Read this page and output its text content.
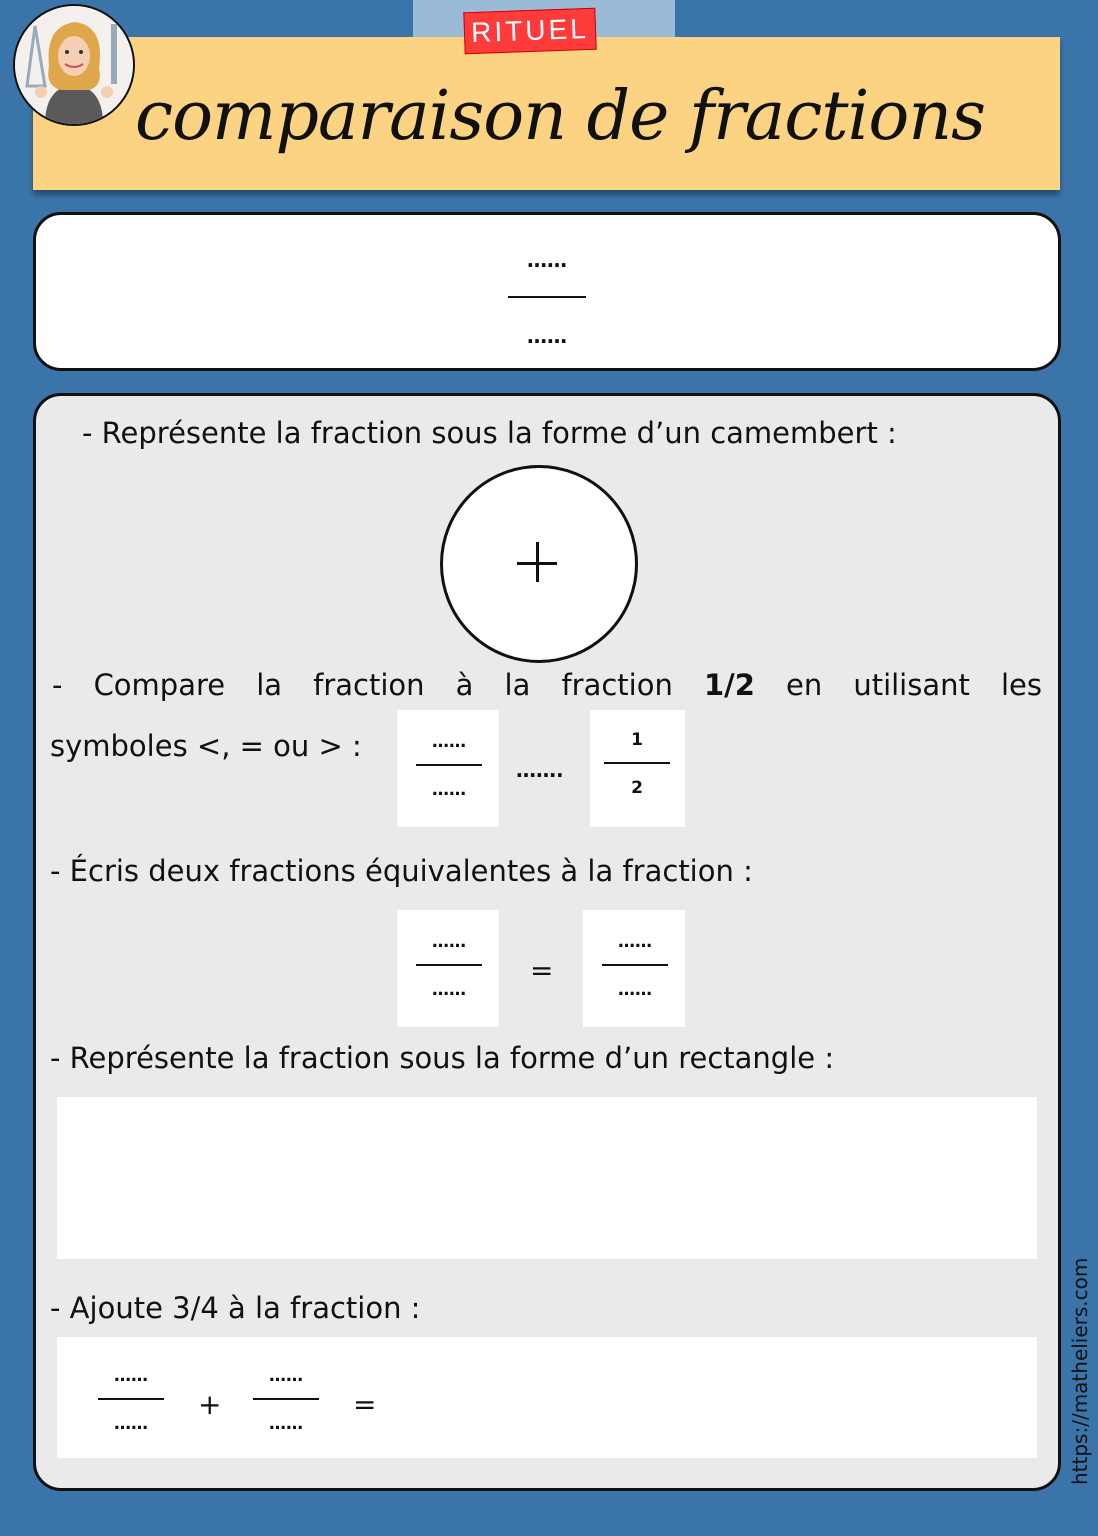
RITUEL
comparaison de fractions
……
……
- Représente la fraction sous la forme d’un camembert :
- Compare la fraction à la fraction 1/2 en utilisant les
symboles <, = ou > :	……
……
…….
1
2
- Écris deux fractions équivalentes à la fraction :
……
……
=
……
……
- Représente la fraction sous la forme d’un rectangle :
- Ajoute 3/4 à la fraction :
……
……
+
……
……
=	https://matheliers.com
